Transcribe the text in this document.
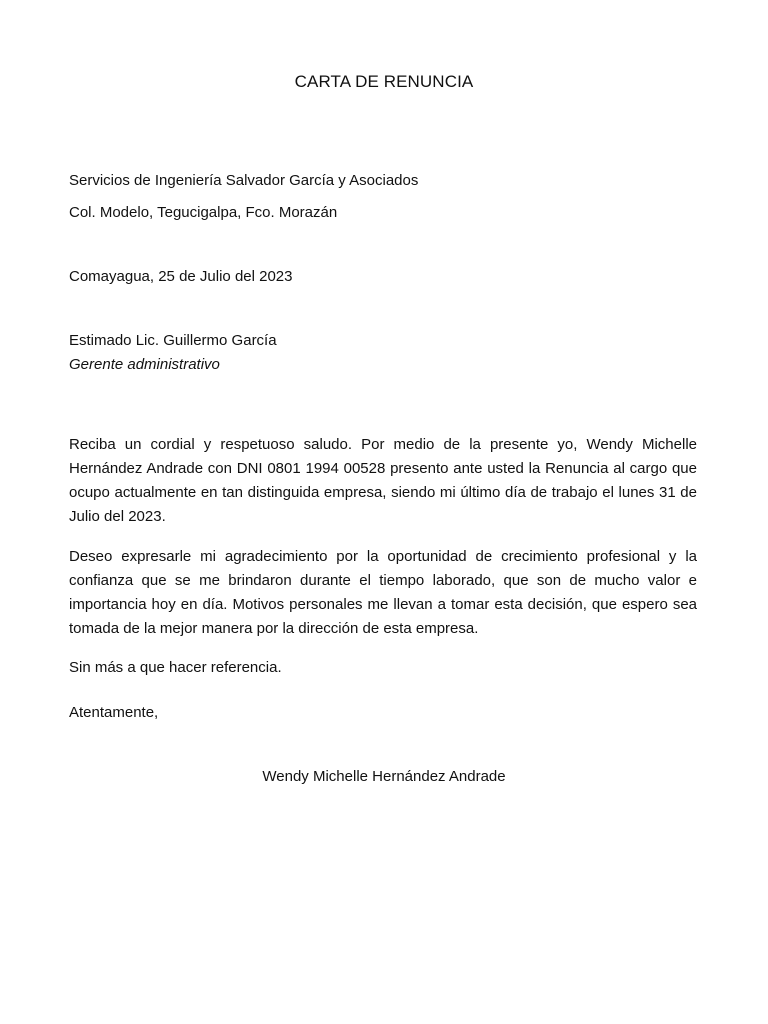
CARTA DE RENUNCIA
Servicios de Ingeniería Salvador García y Asociados
Col. Modelo, Tegucigalpa, Fco. Morazán
Comayagua, 25 de Julio del 2023
Estimado Lic. Guillermo García
Gerente administrativo
Reciba un cordial y respetuoso saludo. Por medio de la presente yo, Wendy Michelle Hernández Andrade con DNI 0801 1994 00528 presento ante usted la Renuncia al cargo que ocupo actualmente en tan distinguida empresa, siendo mi último día de trabajo el lunes 31 de Julio del 2023.
Deseo expresarle mi agradecimiento por la oportunidad de crecimiento profesional y la confianza que se me brindaron durante el tiempo laborado, que son de mucho valor e importancia hoy en día. Motivos personales me llevan a tomar esta decisión, que espero sea tomada de la mejor manera por la dirección de esta empresa.
Sin más a que hacer referencia.
Atentamente,
Wendy Michelle Hernández Andrade
